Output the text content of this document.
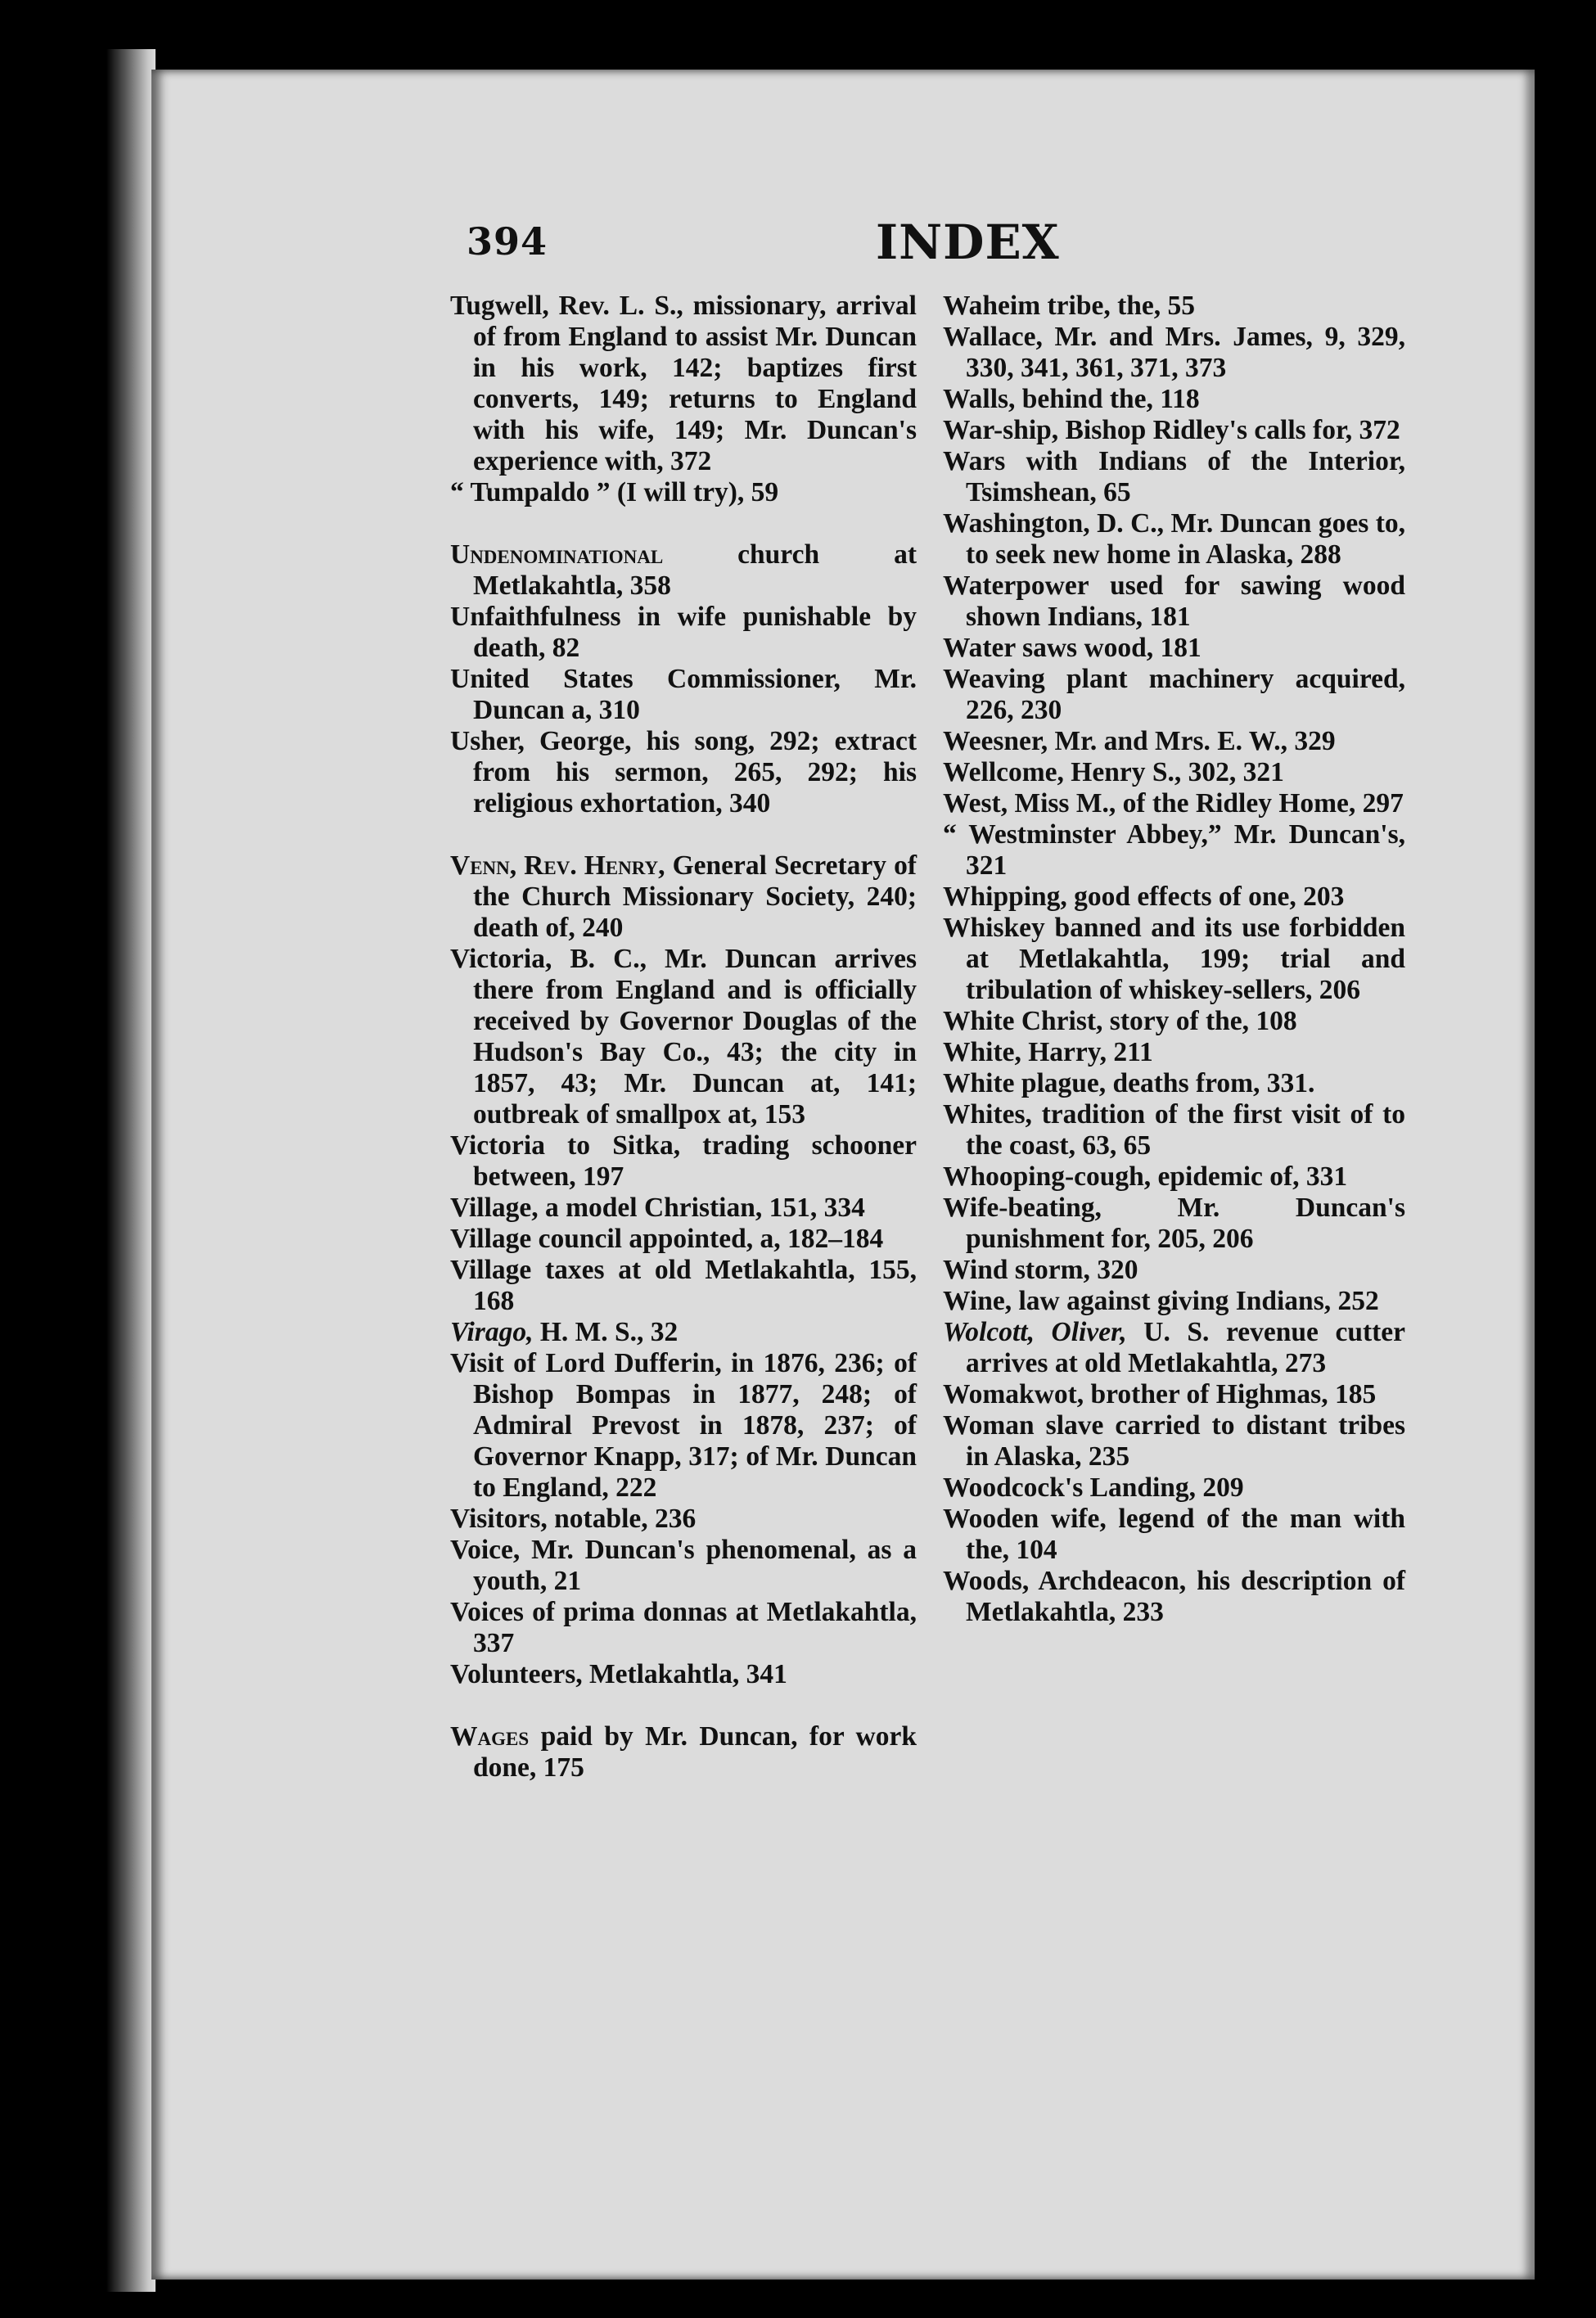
394	INDEX

Tugwell, Rev. L. S., missionary, arrival of from England to assist Mr. Duncan in his work, 142; baptizes first converts, 149; returns to England with his wife, 149; Mr. Duncan's experience with, 372

“ Tumpaldo ” (I will try), 59

Undenominational church at Metlakahtla, 358

Unfaithfulness in wife punishable by death, 82

United States Commissioner, Mr. Duncan a, 310

Usher, George, his song, 292; extract from his sermon, 265, 292; his religious exhortation, 340

Venn, Rev. Henry, General Secretary of the Church Missionary Society, 240; death of, 240

Victoria, B. C., Mr. Duncan arrives there from England and is officially received by Governor Douglas of the Hudson's Bay Co., 43; the city in 1857, 43; Mr. Duncan at, 141; outbreak of smallpox at, 153

Victoria to Sitka, trading schooner between, 197

Village, a model Christian, 151, 334

Village council appointed, a, 182–184

Village taxes at old Metlakahtla, 155, 168

Virago, H. M. S., 32

Visit of Lord Dufferin, in 1876, 236; of Bishop Bompas in 1877, 248; of Admiral Prevost in 1878, 237; of Governor Knapp, 317; of Mr. Duncan to England, 222

Visitors, notable, 236

Voice, Mr. Duncan's phenomenal, as a youth, 21

Voices of prima donnas at Metlakahtla, 337

Volunteers, Metlakahtla, 341

Wages paid by Mr. Duncan, for work done, 175

Waheim tribe, the, 55

Wallace, Mr. and Mrs. James, 9, 329, 330, 341, 361, 371, 373

Walls, behind the, 118

War-ship, Bishop Ridley's calls for, 372

Wars with Indians of the Interior, Tsimshean, 65

Washington, D. C., Mr. Duncan goes to, to seek new home in Alaska, 288

Waterpower used for sawing wood shown Indians, 181

Water saws wood, 181

Weaving plant machinery acquired, 226, 230

Weesner, Mr. and Mrs. E. W., 329

Wellcome, Henry S., 302, 321

West, Miss M., of the Ridley Home, 297

“ Westminster Abbey,” Mr. Duncan's, 321

Whipping, good effects of one, 203

Whiskey banned and its use forbidden at Metlakahtla, 199; trial and tribulation of whiskey-sellers, 206

White Christ, story of the, 108

White, Harry, 211

White plague, deaths from, 331.

Whites, tradition of the first visit of to the coast, 63, 65

Whooping-cough, epidemic of, 331

Wife-beating, Mr. Duncan's punishment for, 205, 206

Wind storm, 320

Wine, law against giving Indians, 252

Wolcott, Oliver, U. S. revenue cutter arrives at old Metlakahtla, 273

Womakwot, brother of Highmas, 185

Woman slave carried to distant tribes in Alaska, 235

Woodcock's Landing, 209

Wooden wife, legend of the man with the, 104

Woods, Archdeacon, his description of Metlakahtla, 233
